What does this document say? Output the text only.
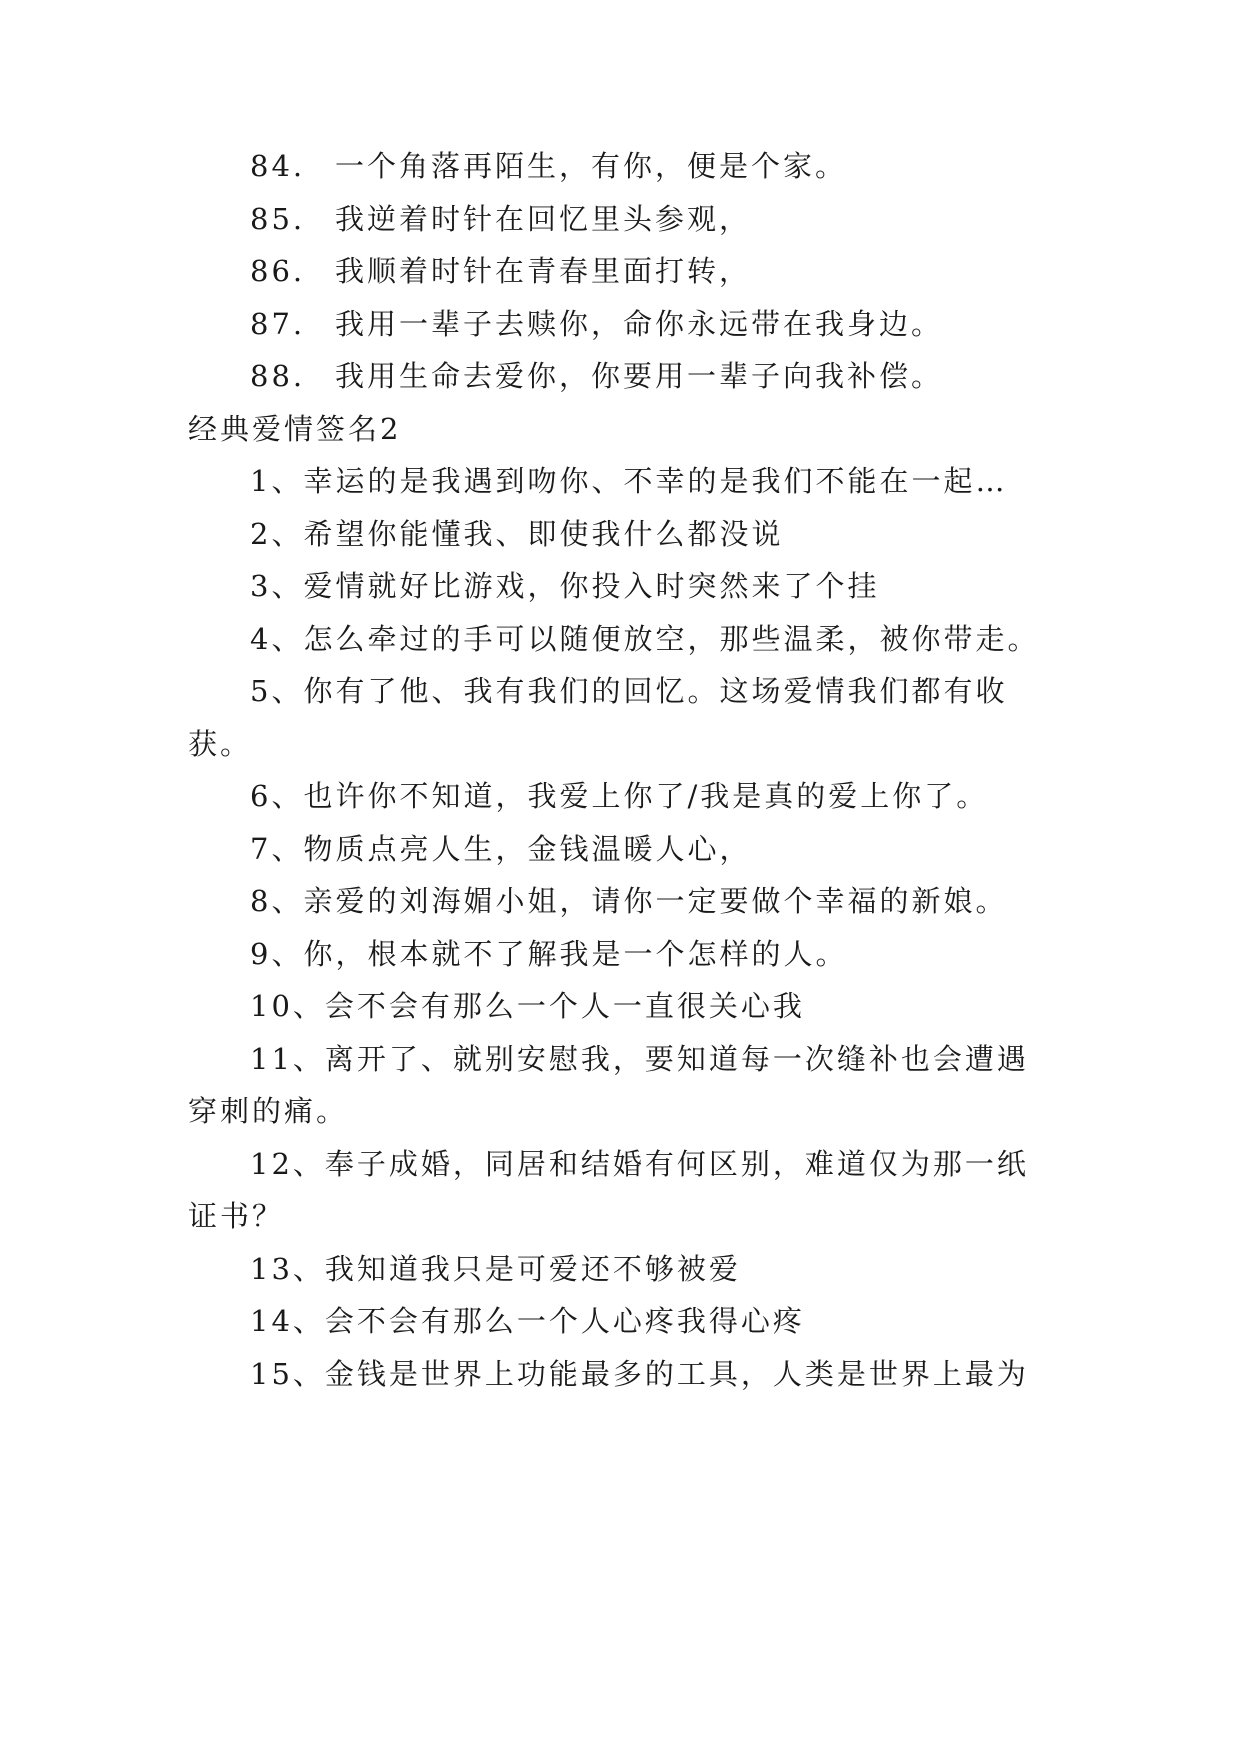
84. 一个角落再陌生，有你，便是个家。
85. 我逆着时针在回忆里头参观，
86. 我顺着时针在青春里面打转，
87. 我用一辈子去赎你，命你永远带在我身边。
88. 我用生命去爱你，你要用一辈子向我补偿。
经典爱情签名2
1、幸运的是我遇到吻你、不幸的是我们不能在一起…
2、希望你能懂我、即使我什么都没说
3、爱情就好比游戏，你投入时突然来了个挂
4、怎么牵过的手可以随便放空，那些温柔，被你带走。
5、你有了他、我有我们的回忆。这场爱情我们都有收
获。
6、也许你不知道，我爱上你了/我是真的爱上你了。
7、物质点亮人生，金钱温暖人心，
8、亲爱的刘海媚小姐，请你一定要做个幸福的新娘。
9、你，根本就不了解我是一个怎样的人。
10、会不会有那么一个人一直很关心我
11、离开了、就别安慰我，要知道每一次缝补也会遭遇
穿刺的痛。
12、奉子成婚，同居和结婚有何区别，难道仅为那一纸
证书？
13、我知道我只是可爱还不够被爱
14、会不会有那么一个人心疼我得心疼
15、金钱是世界上功能最多的工具，人类是世界上最为
